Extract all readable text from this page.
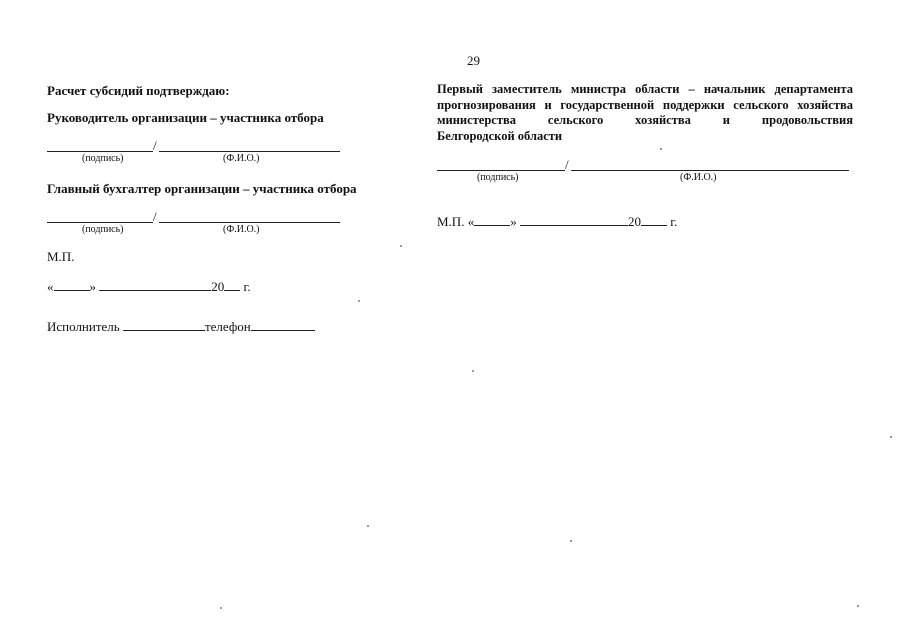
29
Расчет субсидий подтверждаю:
Руководитель организации – участника отбора
/
(подпись)	(Ф.И.О.)
Главный бухгалтер организации – участника отбора
/
(подпись)	(Ф.И.О.)
М.П.
«	»	20 г.
Исполнитель	телефон
Первый заместитель министра области – начальник департамента
прогнозирования и государственной поддержки сельского хозяйства
министерства сельского хозяйства и продовольствия
Белгородской области
/
(подпись)	(Ф.И.О.)
М.П. «	»	20 г.
